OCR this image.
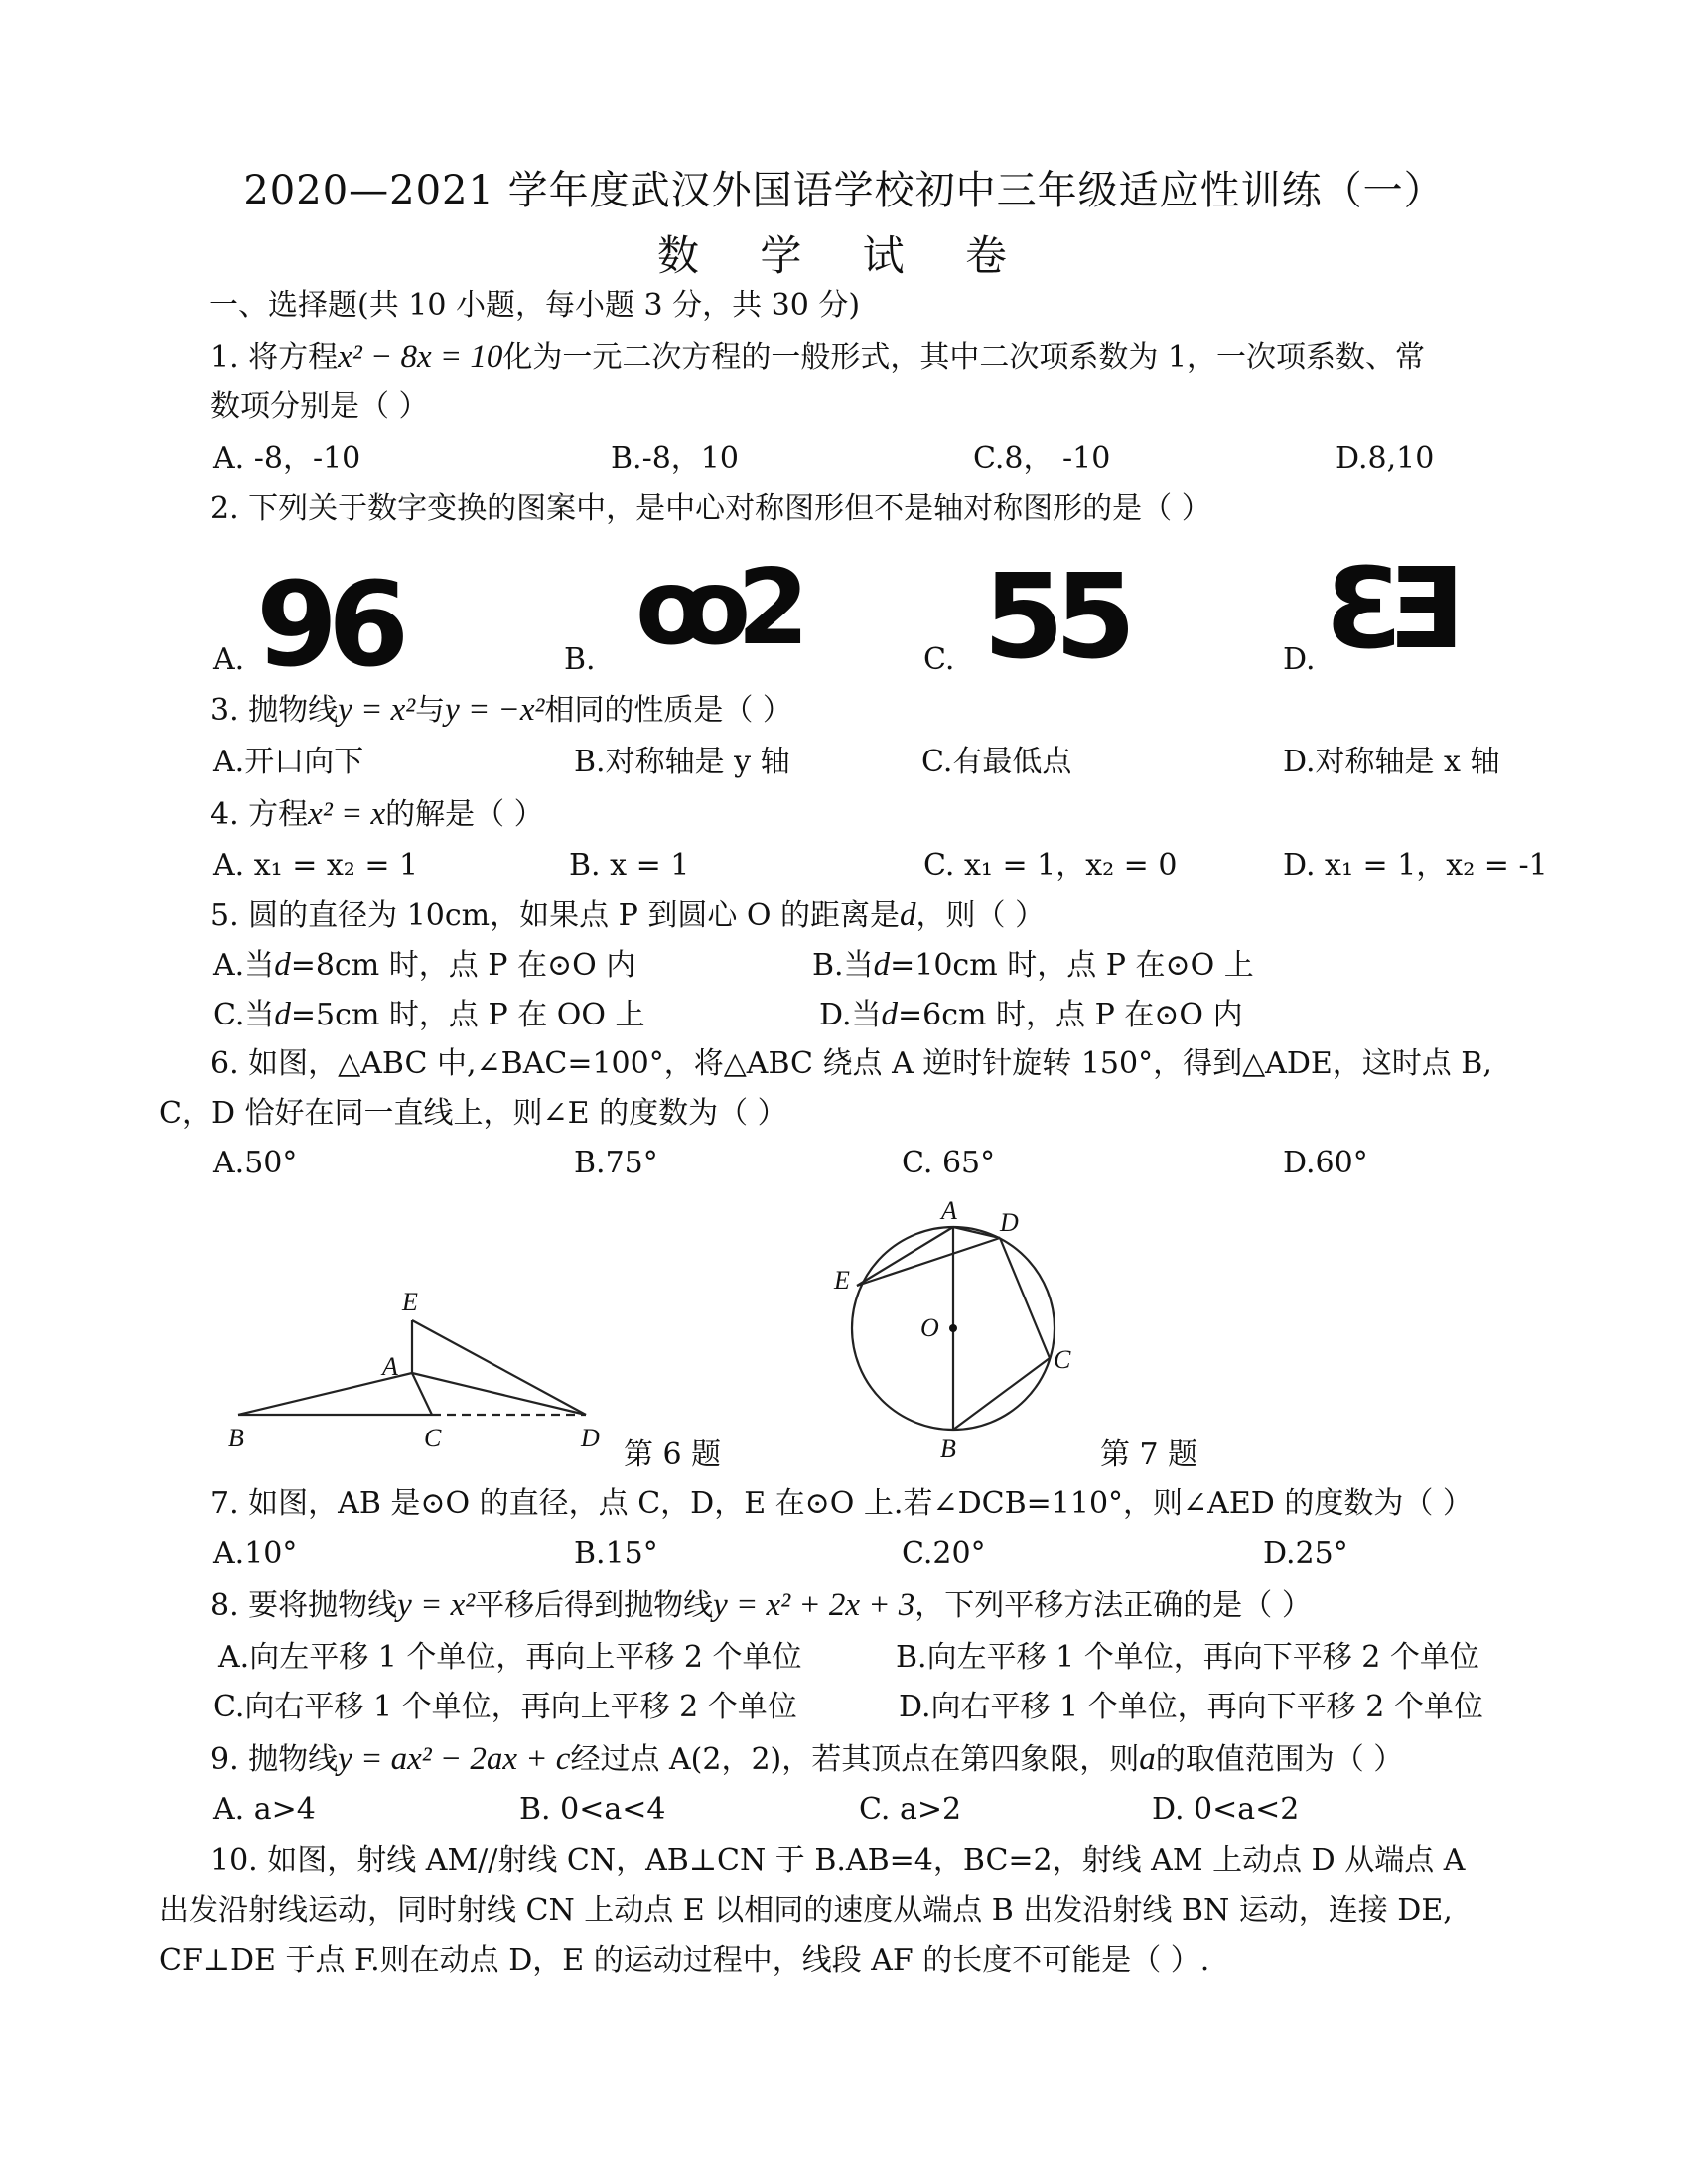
2020—2021 学年度武汉外国语学校初中三年级适应性训练（一）
数 学 试 卷
一、选择题(共 10 小题，每小题 3 分，共 30 分)
1. 将方程x² − 8x = 10化为一元二次方程的一般形式，其中二次项系数为 1，一次项系数、常
数项分别是（ ）
A. -8，-10	B.-8，10	C.8， -10	D.8,10
2. 下列关于数字变换的图案中，是中心对称图形但不是轴对称图形的是（ ）
A. 96	B. ꝏ2	C. 55	D. ƐƎ
3. 抛物线y = x²与y = −x²相同的性质是（ ）
A.开口向下	B.对称轴是 y 轴	C.有最低点	D.对称轴是 x 轴
4. 方程x² = x的解是（ ）
A. x₁ = x₂ = 1	B. x = 1	C. x₁ = 1，x₂ = 0	D. x₁ = 1，x₂ = -1
5. 圆的直径为 10cm，如果点 P 到圆心 O 的距离是d，则（ ）
A.当d=8cm 时，点 P 在⊙O 内	B.当d=10cm 时，点 P 在⊙O 上
C.当d=5cm 时，点 P 在 OO 上	D.当d=6cm 时，点 P 在⊙O 内
6. 如图，△ABC 中,∠BAC=100°，将△ABC 绕点 A 逆时针旋转 150°，得到△ADE，这时点 B,
C，D 恰好在同一直线上，则∠E 的度数为（ ）
A.50°	B.75°	C. 65°	D.60°
E
A
B	C	D 第 6 题
A D
E
O
C
B	第 7 题
7. 如图，AB 是⊙O 的直径，点 C，D，E 在⊙O 上.若∠DCB=110°，则∠AED 的度数为（ ）
A.10°	B.15°	C.20°	D.25°
8. 要将抛物线y = x²平移后得到抛物线y = x² + 2x + 3，下列平移方法正确的是（ ）
A.向左平移 1 个单位，再向上平移 2 个单位	B.向左平移 1 个单位，再向下平移 2 个单位
C.向右平移 1 个单位，再向上平移 2 个单位	D.向右平移 1 个单位，再向下平移 2 个单位
9. 抛物线y = ax² − 2ax + c经过点 A(2，2)，若其顶点在第四象限，则a的取值范围为（ ）
A. a>4	B. 0<a<4	C. a>2	D. 0<a<2
10. 如图，射线 AM//射线 CN，AB⊥CN 于 B.AB=4，BC=2，射线 AM 上动点 D 从端点 A
出发沿射线运动，同时射线 CN 上动点 E 以相同的速度从端点 B 出发沿射线 BN 运动，连接 DE,
CF⊥DE 于点 F.则在动点 D，E 的运动过程中，线段 AF 的长度不可能是（ ）.
